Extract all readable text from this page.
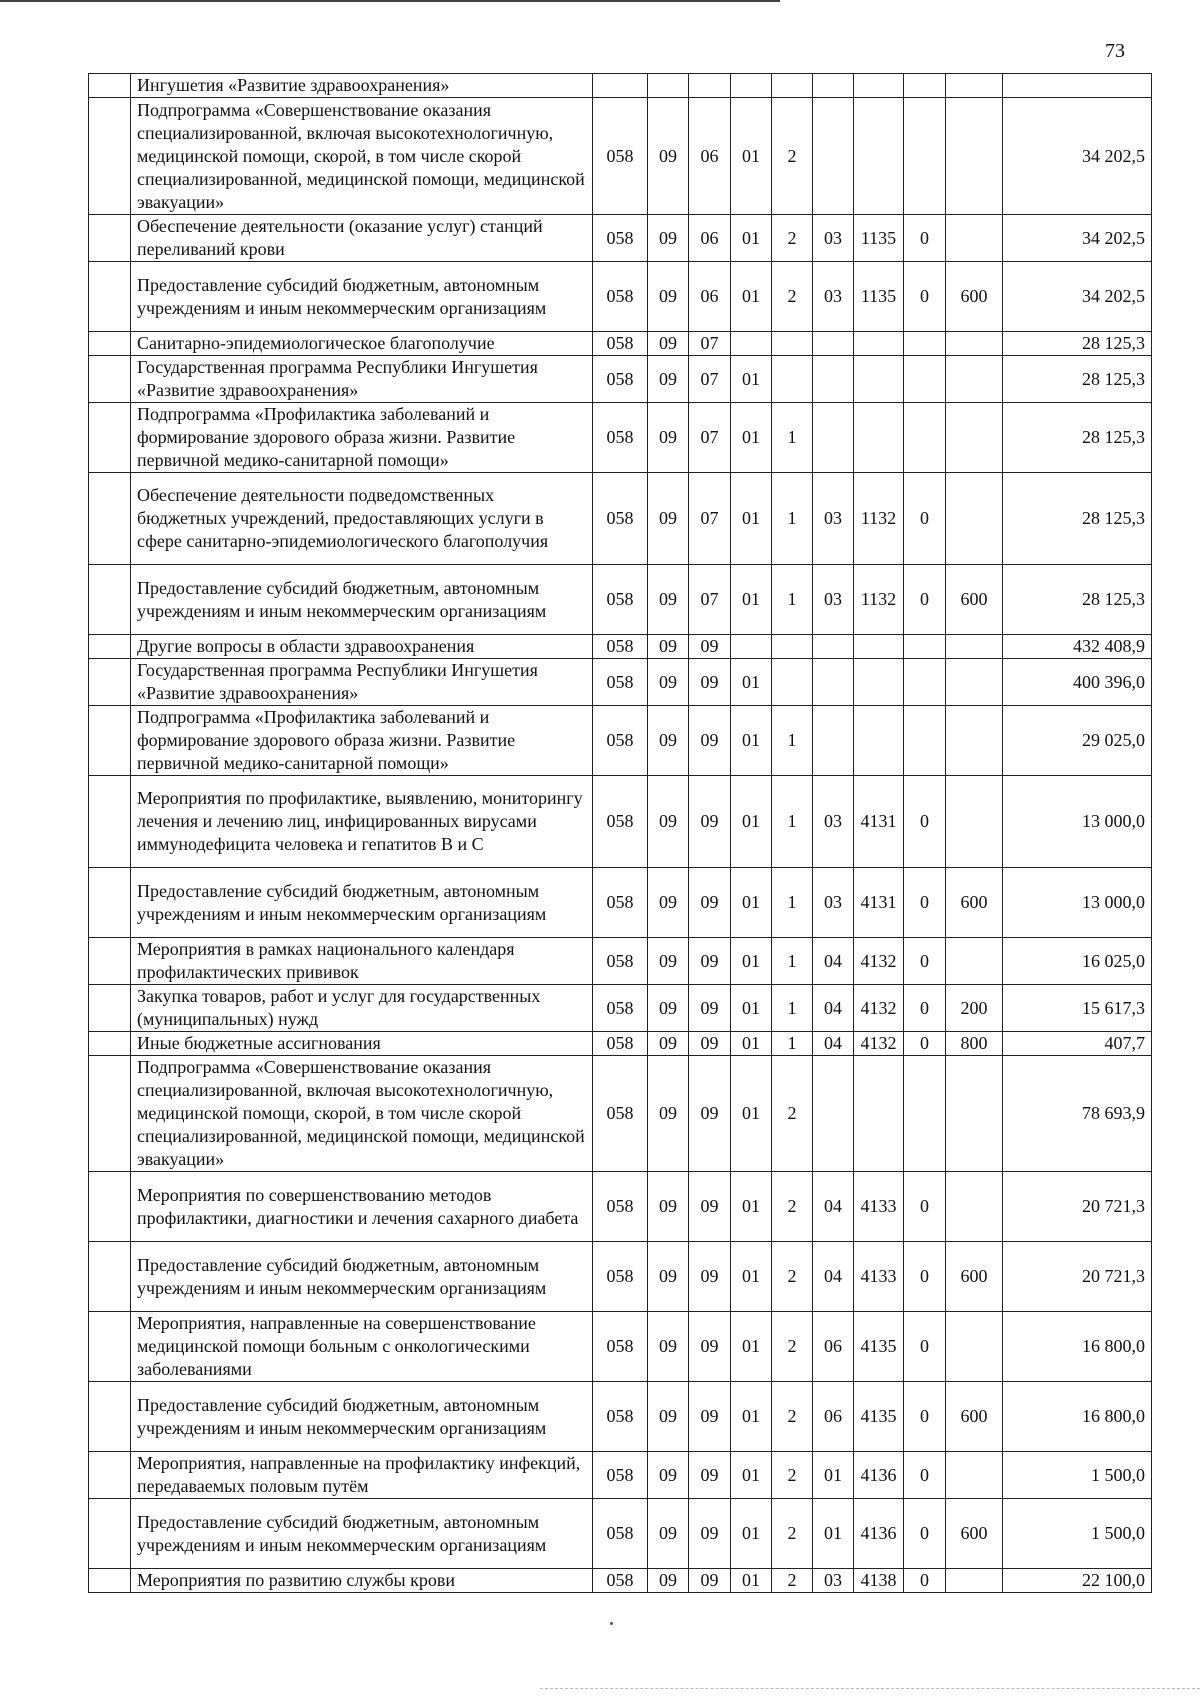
73
	Ингушетия «Развитие здравоохранения»										
	Подпрограмма «Совершенствование оказания специализированной, включая высокотехнологичную, медицинской помощи, скорой, в том числе скорой специализированной, медицинской помощи, медицинской эвакуации»	058	09	06	01	2					34 202,5
	Обеспечение деятельности (оказание услуг) станций переливаний крови	058	09	06	01	2	03	1135	0		34 202,5
	Предоставление субсидий бюджетным, автономным учреждениям и иным некоммерческим организациям	058	09	06	01	2	03	1135	0	600	34 202,5
	Санитарно-эпидемиологическое благополучие	058	09	07							28 125,3
	Государственная программа Республики Ингушетия «Развитие здравоохранения»	058	09	07	01						28 125,3
	Подпрограмма «Профилактика заболеваний и формирование здорового образа жизни. Развитие первичной медико-санитарной помощи»	058	09	07	01	1					28 125,3
	Обеспечение деятельности подведомственных бюджетных учреждений, предоставляющих услуги в сфере санитарно-эпидемиологического благополучия	058	09	07	01	1	03	1132	0		28 125,3
	Предоставление субсидий бюджетным, автономным учреждениям и иным некоммерческим организациям	058	09	07	01	1	03	1132	0	600	28 125,3
	Другие вопросы в области здравоохранения	058	09	09							432 408,9
	Государственная программа Республики Ингушетия «Развитие здравоохранения»	058	09	09	01						400 396,0
	Подпрограмма «Профилактика заболеваний и формирование здорового образа жизни. Развитие первичной медико-санитарной помощи»	058	09	09	01	1					29 025,0
	Мероприятия по профилактике, выявлению, мониторингу лечения и лечению лиц, инфицированных вирусами иммунодефицита человека и гепатитов В и С	058	09	09	01	1	03	4131	0		13 000,0
	Предоставление субсидий бюджетным, автономным учреждениям и иным некоммерческим организациям	058	09	09	01	1	03	4131	0	600	13 000,0
	Мероприятия в рамках национального календаря профилактических прививок	058	09	09	01	1	04	4132	0		16 025,0
	Закупка товаров, работ и услуг для государственных (муниципальных) нужд	058	09	09	01	1	04	4132	0	200	15 617,3
	Иные бюджетные ассигнования	058	09	09	01	1	04	4132	0	800	407,7
	Подпрограмма «Совершенствование оказания специализированной, включая высокотехнологичную, медицинской помощи, скорой, в том числе скорой специализированной, медицинской помощи, медицинской эвакуации»	058	09	09	01	2					78 693,9
	Мероприятия по совершенствованию методов профилактики, диагностики и лечения сахарного диабета	058	09	09	01	2	04	4133	0		20 721,3
	Предоставление субсидий бюджетным, автономным учреждениям и иным некоммерческим организациям	058	09	09	01	2	04	4133	0	600	20 721,3
	Мероприятия, направленные на совершенствование медицинской помощи больным с онкологическими заболеваниями	058	09	09	01	2	06	4135	0		16 800,0
	Предоставление субсидий бюджетным, автономным учреждениям и иным некоммерческим организациям	058	09	09	01	2	06	4135	0	600	16 800,0
	Мероприятия, направленные на профилактику инфекций, передаваемых половым путём	058	09	09	01	2	01	4136	0		1 500,0
	Предоставление субсидий бюджетным, автономным учреждениям и иным некоммерческим организациям	058	09	09	01	2	01	4136	0	600	1 500,0
	Мероприятия по развитию службы крови	058	09	09	01	2	03	4138	0		22 100,0
